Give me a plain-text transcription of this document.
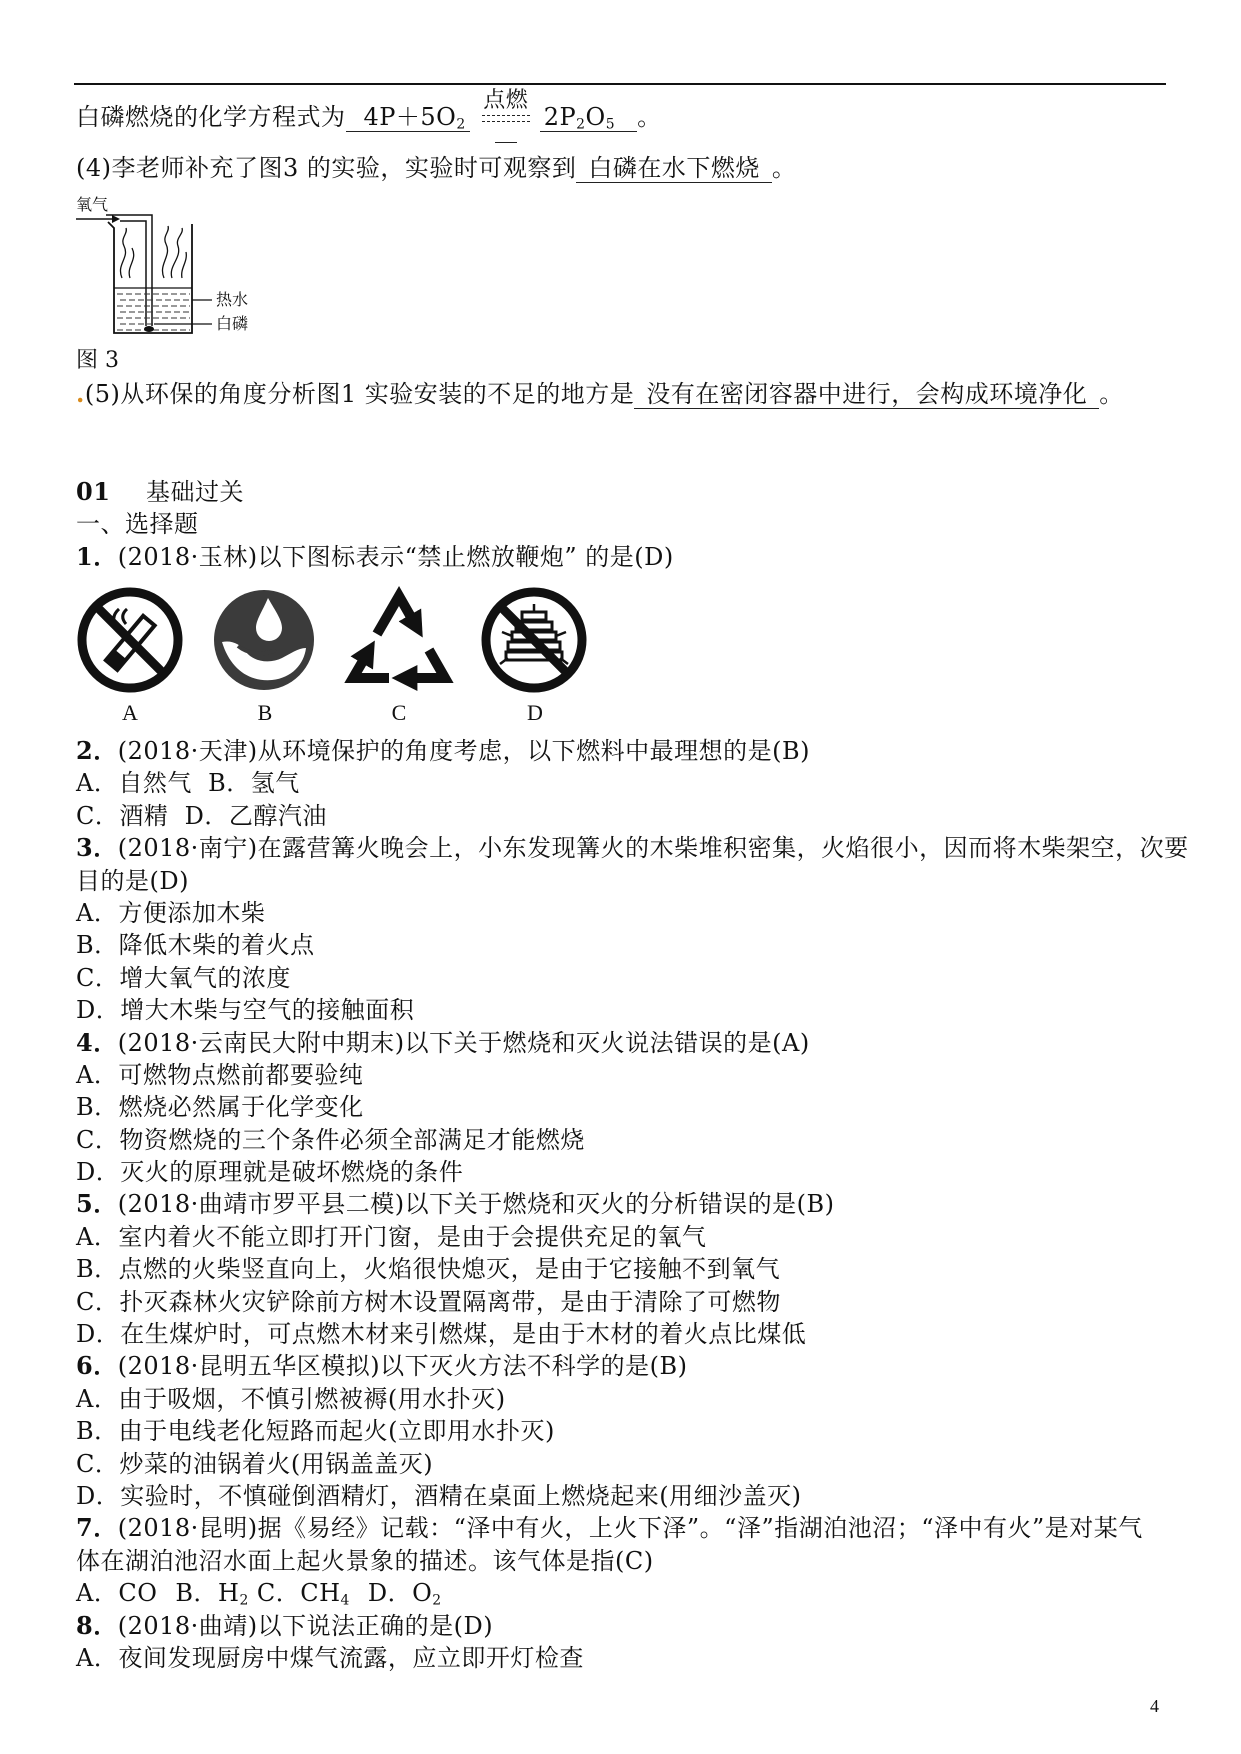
白磷燃烧的化学方程式为 $4P+5O_2$
点燃
$2P_2O_5$ 。
(4)李老师补充了图3 的实验，实验时可观察到 白磷在水下燃烧 。
氧气
热水
白磷
图 3
.(5)从环保的角度分析图1 实验安装的不足的地方是 没有在密闭容器中进行，会构成环境净化 。
01 基础过关
一、选择题
1．(2018·玉林)以下图标表示“禁止燃放鞭炮” 的是(D)
A	B	C	D
2．(2018·天津)从环境保护的角度考虑，以下燃料中最理想的是(B)
A．自然气  B．氢气
C．酒精  D．乙醇汽油
3．(2018·南宁)在露营篝火晚会上，小东发现篝火的木柴堆积密集，火焰很小，因而将木柴架空，次要
目的是(D)
A．方便添加木柴
B．降低木柴的着火点
C．增大氧气的浓度
D．增大木柴与空气的接触面积
4．(2018·云南民大附中期末)以下关于燃烧和灭火说法错误的是(A)
A．可燃物点燃前都要验纯
B．燃烧必然属于化学变化
C．物资燃烧的三个条件必须全部满足才能燃烧
D．灭火的原理就是破坏燃烧的条件
5．(2018·曲靖市罗平县二模)以下关于燃烧和灭火的分析错误的是(B)
A．室内着火不能立即打开门窗，是由于会提供充足的氧气
B．点燃的火柴竖直向上，火焰很快熄灭，是由于它接触不到氧气
C．扑灭森林火灾铲除前方树木设置隔离带，是由于清除了可燃物
D．在生煤炉时，可点燃木材来引燃煤，是由于木材的着火点比煤低
6．(2018·昆明五华区模拟)以下灭火方法不科学的是(B)
A．由于吸烟，不慎引燃被褥(用水扑灭)
B．由于电线老化短路而起火(立即用水扑灭)
C．炒菜的油锅着火(用锅盖盖灭)
D．实验时，不慎碰倒酒精灯，酒精在桌面上燃烧起来(用细沙盖灭)
7．(2018·昆明)据《易经》记载：“泽中有火，上火下泽”。“泽”指湖泊池沼；“泽中有火”是对某气
体在湖泊池沼水面上起火景象的描述。该气体是指(C)
A．CO B．$H_2$ C．$CH_4$ D．$O_2$
8．(2018·曲靖)以下说法正确的是(D)
A．夜间发现厨房中煤气流露，应立即开灯检查
4
